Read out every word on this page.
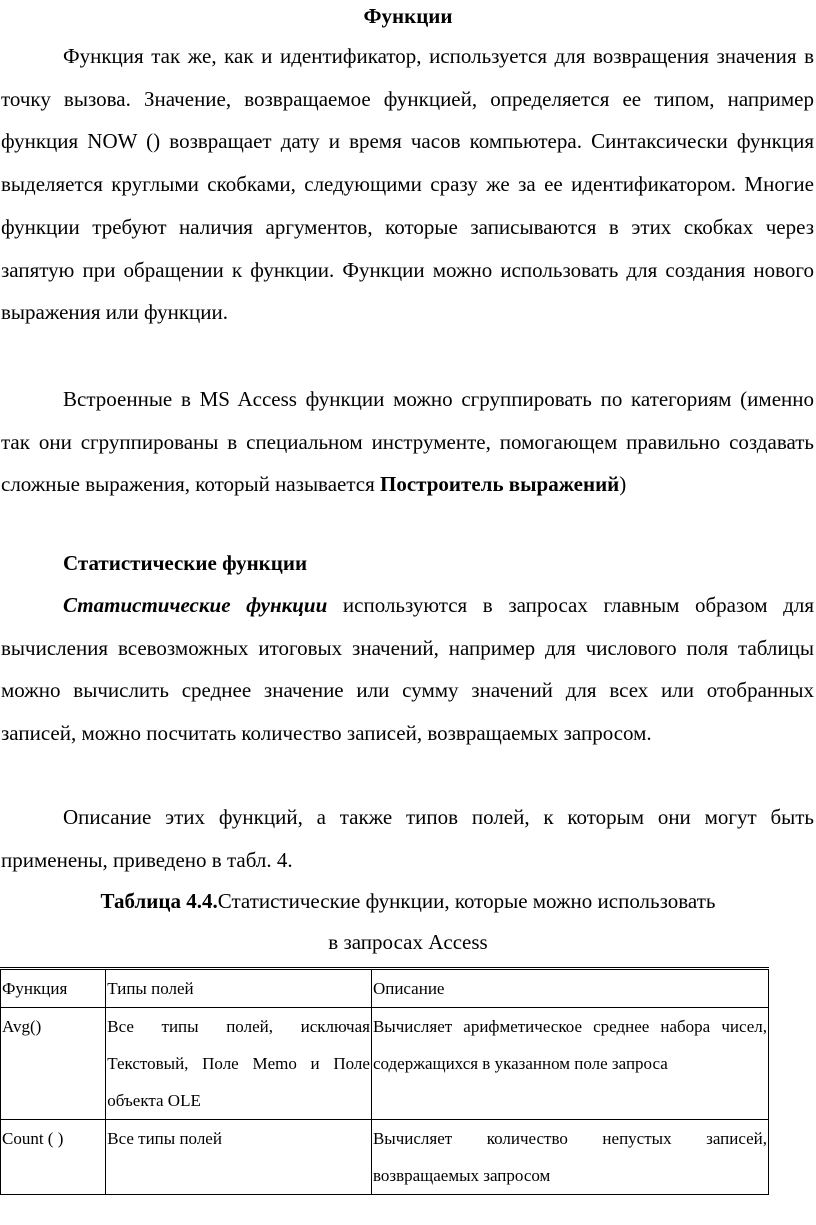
Функции

Функция так же, как и идентификатор, используется для возвращения значения в точку вызова. Значение, возвращаемое функцией, определяется ее типом, например функция NOW () возвращает дату и время часов компьютера. Синтаксически функция выделяется круглыми скобками, следующими сразу же за ее идентификатором. Многие функции требуют наличия аргументов, которые записываются в этих скобках через запятую при обращении к функции. Функции можно использовать для создания нового выражения или функции.

Встроенные в MS Access функции можно сгруппировать по категориям (именно так они сгруппированы в специальном инструменте, помогающем правильно создавать сложные выражения, который называется Построитель выражений)

Статистические функции

Статистические функции используются в запросах главным образом для вычисления всевозможных итоговых значений, например для числового поля таблицы можно вычислить среднее значение или сумму значений для всех или отобранных записей, можно посчитать количество записей, возвращаемых запросом.

Описание этих функций, а также типов полей, к которым они могут быть применены, приведено в табл. 4.

Таблица 4.4.Статистические функции, которые можно использовать
в запросах Access
Функция	Типы полей	Описание
Avg()	Все типы полей, исключая Текстовый, Поле Memo и Поле объекта OLE	Вычисляет арифметическое среднее набора чисел, содержащихся в указанном поле запроса
Count ( )	Все типы полей	Вычисляет количество непустых записей, возвращаемых запросом
